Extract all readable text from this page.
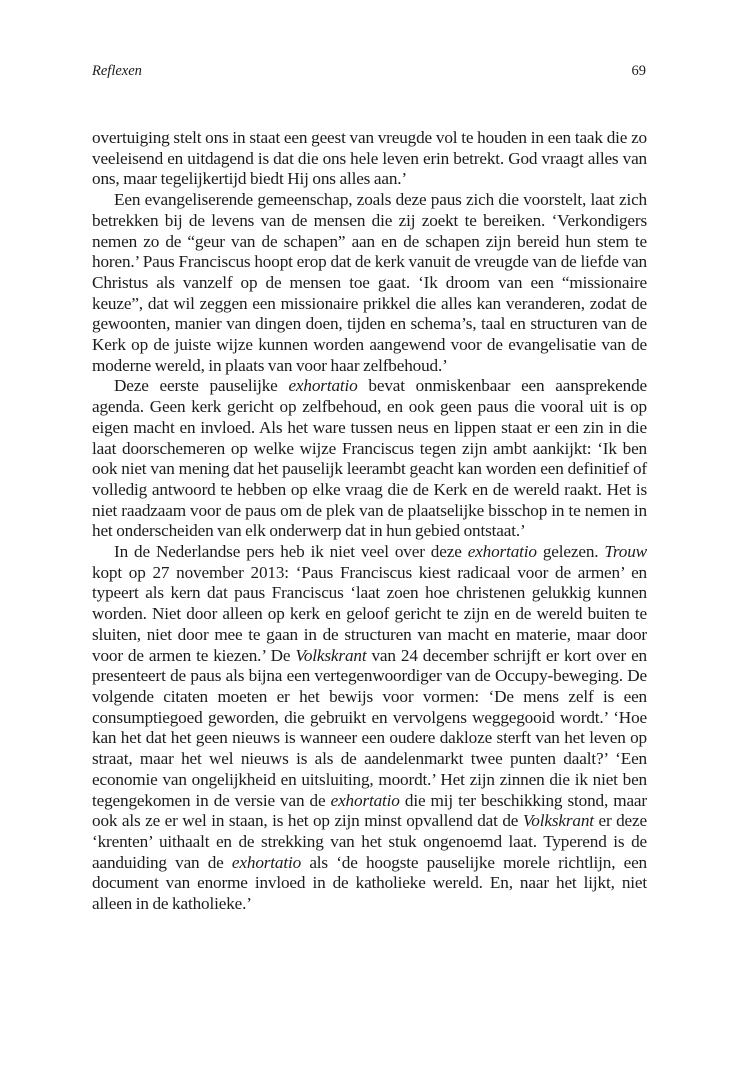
Reflexen	69

overtuiging stelt ons in staat een geest van vreugde vol te houden in een taak die zo veeleisend en uitdagend is dat die ons hele leven erin betrekt. God vraagt alles van ons, maar tegelijkertijd biedt Hij ons alles aan.’

Een evangeliserende gemeenschap, zoals deze paus zich die voorstelt, laat zich betrekken bij de levens van de mensen die zij zoekt te bereiken. ‘Verkondigers nemen zo de “geur van de schapen” aan en de schapen zijn bereid hun stem te horen.’ Paus Franciscus hoopt erop dat de kerk vanuit de vreugde van de liefde van Christus als vanzelf op de mensen toe gaat. ‘Ik droom van een “missionaire keuze”, dat wil zeggen een missionaire prikkel die alles kan veranderen, zodat de gewoonten, manier van dingen doen, tijden en schema’s, taal en structuren van de Kerk op de juiste wijze kunnen worden aangewend voor de evangelisatie van de moderne wereld, in plaats van voor haar zelfbehoud.’

Deze eerste pauselijke exhortatio bevat onmiskenbaar een aansprekende agenda. Geen kerk gericht op zelfbehoud, en ook geen paus die vooral uit is op eigen macht en invloed. Als het ware tussen neus en lippen staat er een zin in die laat doorschemeren op welke wijze Franciscus tegen zijn ambt aankijkt: ‘Ik ben ook niet van mening dat het pauselijk leerambt geacht kan worden een definitief of volledig antwoord te hebben op elke vraag die de Kerk en de wereld raakt. Het is niet raadzaam voor de paus om de plek van de plaatselijke bisschop in te nemen in het onderscheiden van elk onderwerp dat in hun gebied ontstaat.’

In de Nederlandse pers heb ik niet veel over deze exhortatio gelezen. Trouw kopt op 27 november 2013: ‘Paus Franciscus kiest radicaal voor de armen’ en typeert als kern dat paus Franciscus ‘laat zoen hoe christenen gelukkig kunnen worden. Niet door alleen op kerk en geloof gericht te zijn en de wereld buiten te sluiten, niet door mee te gaan in de structuren van macht en materie, maar door voor de armen te kiezen.’ De Volkskrant van 24 december schrijft er kort over en presenteert de paus als bijna een vertegenwoordiger van de Occupy-beweging. De volgende citaten moeten er het bewijs voor vormen: ‘De mens zelf is een consumptiegoed geworden, die gebruikt en vervolgens weggegooid wordt.’ ‘Hoe kan het dat het geen nieuws is wanneer een oudere dakloze sterft van het leven op straat, maar het wel nieuws is als de aandelenmarkt twee punten daalt?’ ‘Een economie van ongelijkheid en uitsluiting, moordt.’ Het zijn zinnen die ik niet ben tegengekomen in de versie van de exhortatio die mij ter beschikking stond, maar ook als ze er wel in staan, is het op zijn minst opvallend dat de Volkskrant er deze ‘krenten’ uithaalt en de strekking van het stuk ongenoemd laat. Typerend is de aanduiding van de exhortatio als ‘de hoogste pauselijke morele richtlijn, een document van enorme invloed in de katholieke wereld. En, naar het lijkt, niet alleen in de katholieke.’
